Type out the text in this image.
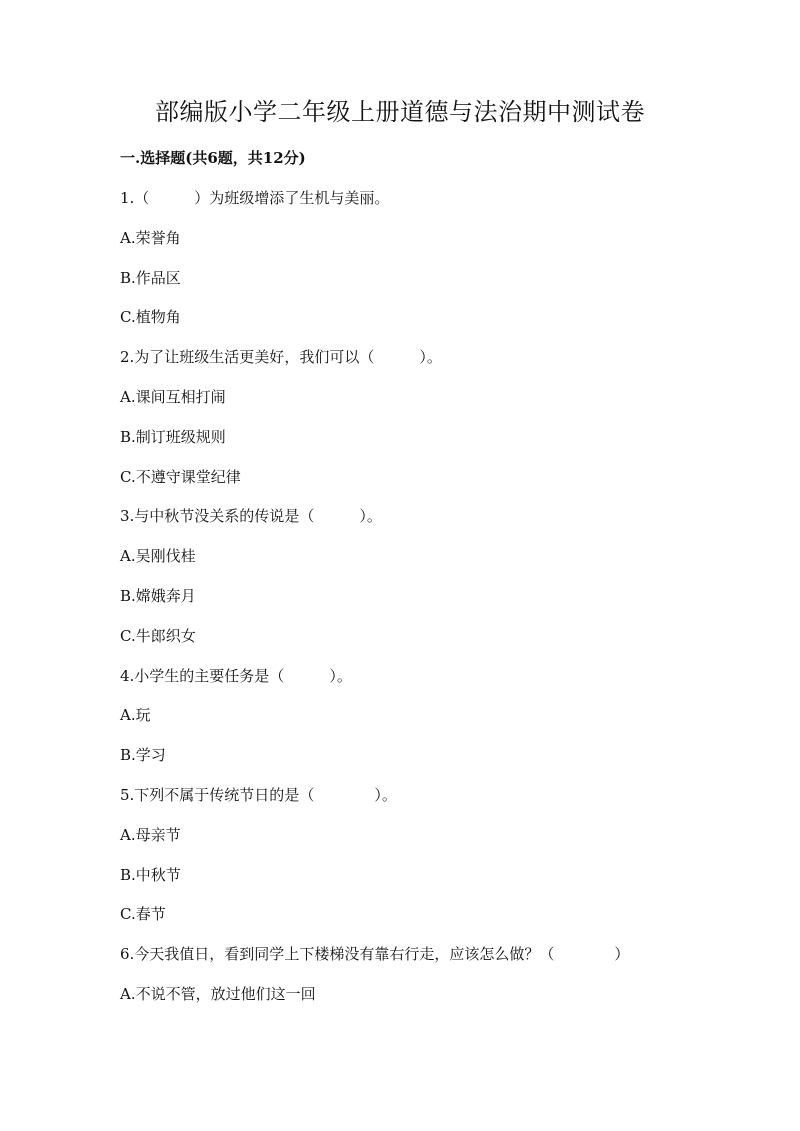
部编版小学二年级上册道德与法治期中测试卷
一.选择题(共6题，共12分)
1.（　　　）为班级增添了生机与美丽。
A.荣誉角
B.作品区
C.植物角
2.为了让班级生活更美好，我们可以（　　　）。
A.课间互相打闹
B.制订班级规则
C.不遵守课堂纪律
3.与中秋节没关系的传说是（　　　）。
A.吴刚伐桂
B.嫦娥奔月
C.牛郎织女
4.小学生的主要任务是（　　　）。
A.玩
B.学习
5.下列不属于传统节日的是（　　　　）。
A.母亲节
B.中秋节
C.春节
6.今天我值日，看到同学上下楼梯没有靠右行走，应该怎么做？（　　　　）
A.不说不管，放过他们这一回
